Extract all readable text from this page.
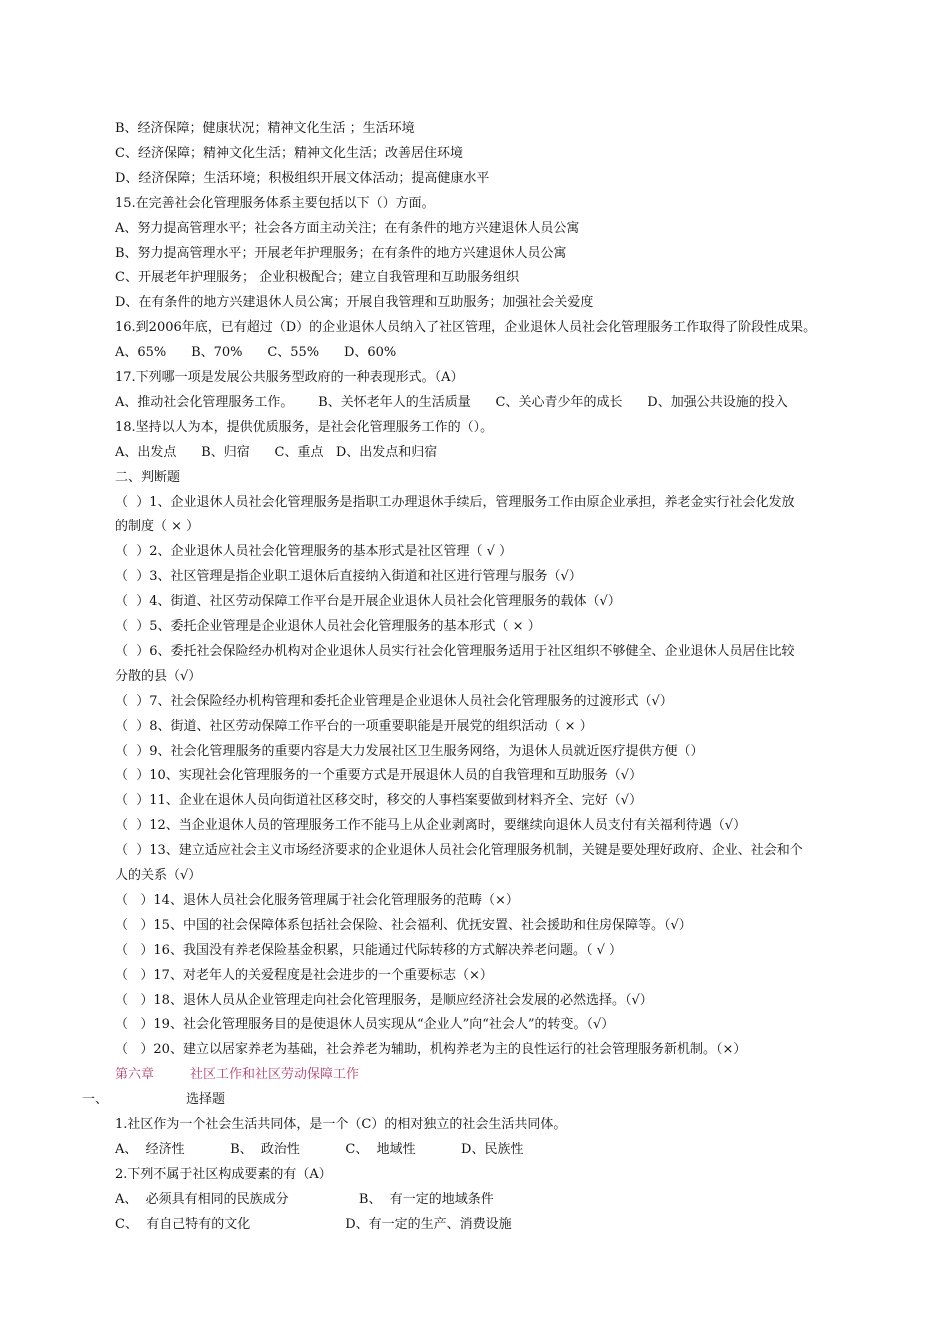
B、经济保障；健康状况；精神文化生活 ；生活环境
C、经济保障；精神文化生活；精神文化生活；改善居住环境
D、经济保障；生活环境；积极组织开展文体活动；提高健康水平
15.在完善社会化管理服务体系主要包括以下（）方面。
A、努力提高管理水平；社会各方面主动关注；在有条件的地方兴建退休人员公寓
B、努力提高管理水平；开展老年护理服务；在有条件的地方兴建退休人员公寓
C、开展老年护理服务； 企业积极配合；建立自我管理和互助服务组织
D、在有条件的地方兴建退休人员公寓；开展自我管理和互助服务；加强社会关爱度
16.到2006年底，已有超过（D）的企业退休人员纳入了社区管理，企业退休人员社会化管理服务工作取得了阶段性成果。
A、65%      B、70%      C、55%      D、60%
17.下列哪一项是发展公共服务型政府的一种表现形式。（A）
A、推动社会化管理服务工作。      B、关怀老年人的生活质量      C、关心青少年的成长      D、加强公共设施的投入
18.坚持以人为本，提供优质服务，是社会化管理服务工作的（）。
A、出发点      B、归宿      C、重点   D、出发点和归宿
二、判断题
（  ）1、企业退休人员社会化管理服务是指职工办理退休手续后，管理服务工作由原企业承担，养老金实行社会化发放
的制度（ × ）
（  ）2、企业退休人员社会化管理服务的基本形式是社区管理（ √ ）
（  ）3、社区管理是指企业职工退休后直接纳入街道和社区进行管理与服务（√）
（  ）4、街道、社区劳动保障工作平台是开展企业退休人员社会化管理服务的载体（√）
（  ）5、委托企业管理是企业退休人员社会化管理服务的基本形式（ × ）
（  ）6、委托社会保险经办机构对企业退休人员实行社会化管理服务适用于社区组织不够健全、企业退休人员居住比较
分散的县（√）
（  ）7、社会保险经办机构管理和委托企业管理是企业退休人员社会化管理服务的过渡形式（√）
（  ）8、街道、社区劳动保障工作平台的一项重要职能是开展党的组织活动（ × ）
（  ）9、社会化管理服务的重要内容是大力发展社区卫生服务网络，为退休人员就近医疗提供方便（）
（  ）10、实现社会化管理服务的一个重要方式是开展退休人员的自我管理和互助服务（√）
（  ）11、企业在退休人员向街道社区移交时，移交的人事档案要做到材料齐全、完好（√）
（  ）12、当企业退休人员的管理服务工作不能马上从企业剥离时，要继续向退休人员支付有关福利待遇（√）
（  ）13、建立适应社会主义市场经济要求的企业退休人员社会化管理服务机制，关键是要处理好政府、企业、社会和个
人的关系（√）
（   ）14、退休人员社会化服务管理属于社会化管理服务的范畴（×）
（   ）15、中国的社会保障体系包括社会保险、社会福利、优抚安置、社会援助和住房保障等。（√）
（   ）16、我国没有养老保险基金积累，只能通过代际转移的方式解决养老问题。（ √ ）
（   ）17、对老年人的关爱程度是社会进步的一个重要标志（×）
（   ）18、退休人员从企业管理走向社会化管理服务，是顺应经济社会发展的必然选择。（√）
（   ）19、社会化管理服务目的是使退休人员实现从“企业人”向“社会人”的转变。（√）
（   ）20、建立以居家养老为基础，社会养老为辅助，机构养老为主的良性运行的社会管理服务新机制。（×）
第六章	社区工作和社区劳动保障工作
一、	选择题
1.社区作为一个社会生活共同体，是一个（C）的相对独立的社会生活共同体。
A、  经济性           B、  政治性           C、  地域性           D、民族性
2.下列不属于社区构成要素的有（A）
A、  必须具有相同的民族成分                 B、  有一定的地域条件
C、  有自己特有的文化                       D、有一定的生产、消费设施
